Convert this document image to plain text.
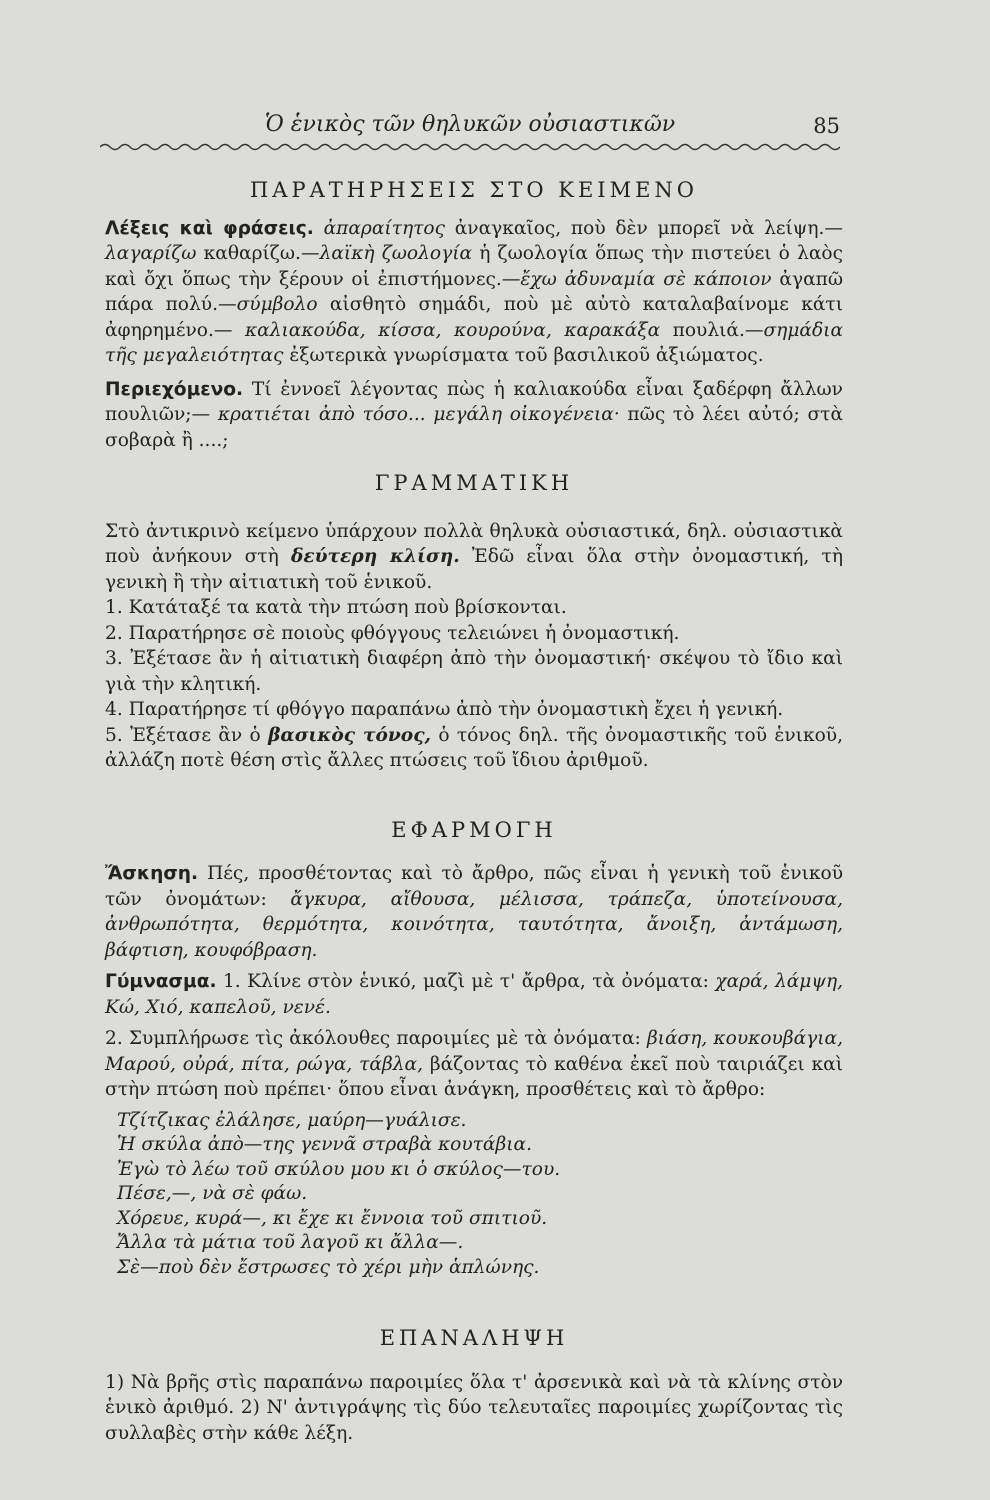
Ὁ ἑνικὸς τῶν θηλυκῶν οὐσιαστικῶν	85
ΠΑΡΑΤΗΡΗΣΕΙΣ ΣΤΟ ΚΕΙΜΕΝΟ

Λέξεις καὶ φράσεις. ἀπαραίτητος ἀναγκαῖος, ποὺ δὲν μπορεῖ νὰ λείψη.— λαγαρίζω καθαρίζω.—λαϊκὴ ζωολογία ἡ ζωολογία ὅπως τὴν πιστεύει ὁ λαὸς καὶ ὄχι ὅπως τὴν ξέρουν οἱ ἐπιστήμονες.—ἔχω ἀδυναμία σὲ κάποιον ἀγαπῶ πάρα πολύ.—σύμβολο αἰσθητὸ σημάδι, ποὺ μὲ αὐτὸ καταλαβαίνομε κάτι ἀφηρημένο.— καλιακούδα, κίσσα, κουρούνα, καρακάξα πουλιά.—σημάδια τῆς μεγαλειότητας ἐξωτερικὰ γνωρίσματα τοῦ βασιλικοῦ ἀξιώματος.

Περιεχόμενο. Τί ἐννοεῖ λέγοντας πὼς ἡ καλιακούδα εἶναι ξαδέρφη ἄλλων πουλιῶν;— κρατιέται ἀπὸ τόσο... μεγάλη οἰκογένεια· πῶς τὸ λέει αὐτό; στὰ σοβαρὰ ἢ ....;

ΓΡΑΜΜΑΤΙΚΗ

Στὸ ἀντικρινὸ κείμενο ὑπάρχουν πολλὰ θηλυκὰ οὐσιαστικά, δηλ. οὐσιαστικὰ ποὺ ἀνήκουν στὴ δεύτερη κλίση. Ἐδῶ εἶναι ὅλα στὴν ὀνομαστική, τὴ γενικὴ ἢ τὴν αἰτιατικὴ τοῦ ἑνικοῦ.

1. Κατάταξέ τα κατὰ τὴν πτώση ποὺ βρίσκονται.

2. Παρατήρησε σὲ ποιοὺς φθόγγους τελειώνει ἡ ὀνομαστική.

3. Ἐξέτασε ἂν ἡ αἰτιατικὴ διαφέρη ἀπὸ τὴν ὀνομαστική· σκέψου τὸ ἴδιο καὶ γιὰ τὴν κλητική.

4. Παρατήρησε τί φθόγγο παραπάνω ἀπὸ τὴν ὀνομαστικὴ ἔχει ἡ γενική.

5. Ἐξέτασε ἂν ὁ βασικὸς τόνος, ὁ τόνος δηλ. τῆς ὀνομαστικῆς τοῦ ἑνικοῦ, ἀλλάζη ποτὲ θέση στὶς ἄλλες πτώσεις τοῦ ἴδιου ἀριθμοῦ.

ΕΦΑΡΜΟΓΗ

Ἄσκηση. Πές, προσθέτοντας καὶ τὸ ἄρθρο, πῶς εἶναι ἡ γενικὴ τοῦ ἑνικοῦ τῶν ὀνομάτων: ἄγκυρα, αἴθουσα, μέλισσα, τράπεζα, ὑποτείνουσα, ἀνθρωπότητα, θερμότητα, κοινότητα, ταυτότητα, ἄνοιξη, ἀντάμωση, βάφτιση, κουφόβραση.

Γύμνασμα. 1. Κλίνε στὸν ἑνικό, μαζὶ μὲ τ' ἄρθρα, τὰ ὀνόματα: χαρά, λάμψη, Κώ, Χιό, καπελοῦ, νενέ.

2. Συμπλήρωσε τὶς ἀκόλουθες παροιμίες μὲ τὰ ὀνόματα: βιάση, κουκουβάγια, Μαρού, οὐρά, πίτα, ρώγα, τάβλα, βάζοντας τὸ καθένα ἐκεῖ ποὺ ταιριάζει καὶ στὴν πτώση ποὺ πρέπει· ὅπου εἶναι ἀνάγκη, προσθέτεις καὶ τὸ ἄρθρο:

Τζίτζικας ἐλάλησε, μαύρη—γυάλισε.
Ἡ σκύλα ἀπὸ—της γεννᾶ στραβὰ κουτάβια.
Ἐγὼ τὸ λέω τοῦ σκύλου μου κι ὁ σκύλος—του.
Πέσε,—, νὰ σὲ φάω.
Χόρευε, κυρά—, κι ἔχε κι ἔννοια τοῦ σπιτιοῦ.
Ἄλλα τὰ μάτια τοῦ λαγοῦ κι ἄλλα—.
Σὲ—ποὺ δὲν ἔστρωσες τὸ χέρι μὴν ἁπλώνης.
ΕΠΑΝΑΛΗΨΗ

1) Νὰ βρῆς στὶς παραπάνω παροιμίες ὅλα τ' ἀρσενικὰ καὶ νὰ τὰ κλίνης στὸν ἑνικὸ ἀριθμό. 2) Ν' ἀντιγράψης τὶς δύο τελευταῖες παροιμίες χωρίζοντας τὶς συλλαβὲς στὴν κάθε λέξη.
